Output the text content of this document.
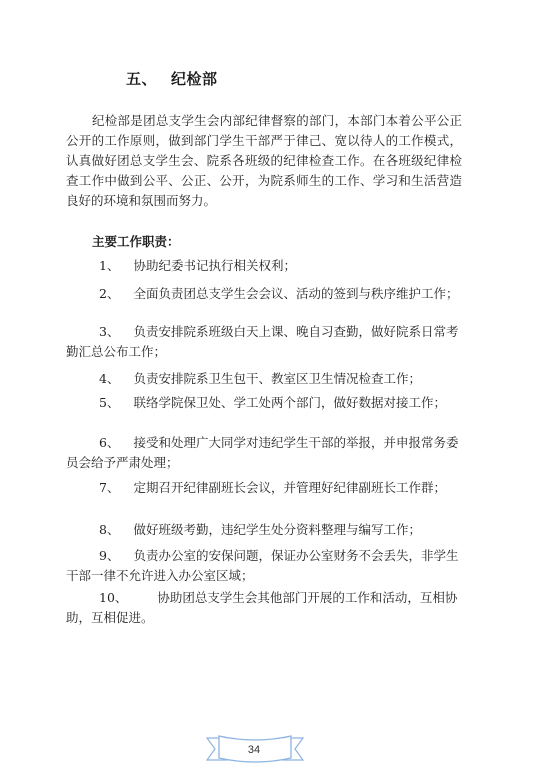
五、 纪检部

纪检部是团总支学生会内部纪律督察的部门，本部门本着公平公正公开的工作原则，做到部门学生干部严于律己、宽以待人的工作模式，认真做好团总支学生会、院系各班级的纪律检查工作。在各班级纪律检查工作中做到公平、公正、公开，为院系师生的工作、学习和生活营造良好的环境和氛围而努力。

主要工作职责：
1、 协助纪委书记执行相关权利；
2、 全面负责团总支学生会会议、活动的签到与秩序维护工作；
3、 负责安排院系班级白天上课、晚自习查勤，做好院系日常考勤汇总公布工作；
4、 负责安排院系卫生包干、教室区卫生情况检查工作；
5、 联络学院保卫处、学工处两个部门，做好数据对接工作；
6、 接受和处理广大同学对违纪学生干部的举报，并申报常务委员会给予严肃处理；
7、 定期召开纪律副班长会议，并管理好纪律副班长工作群；
8、 做好班级考勤，违纪学生处分资料整理与编写工作；
9、 负责办公室的安保问题，保证办公室财务不会丢失，非学生干部一律不允许进入办公室区域；
10、 协助团总支学生会其他部门开展的工作和活动，互相协助，互相促进。
34
